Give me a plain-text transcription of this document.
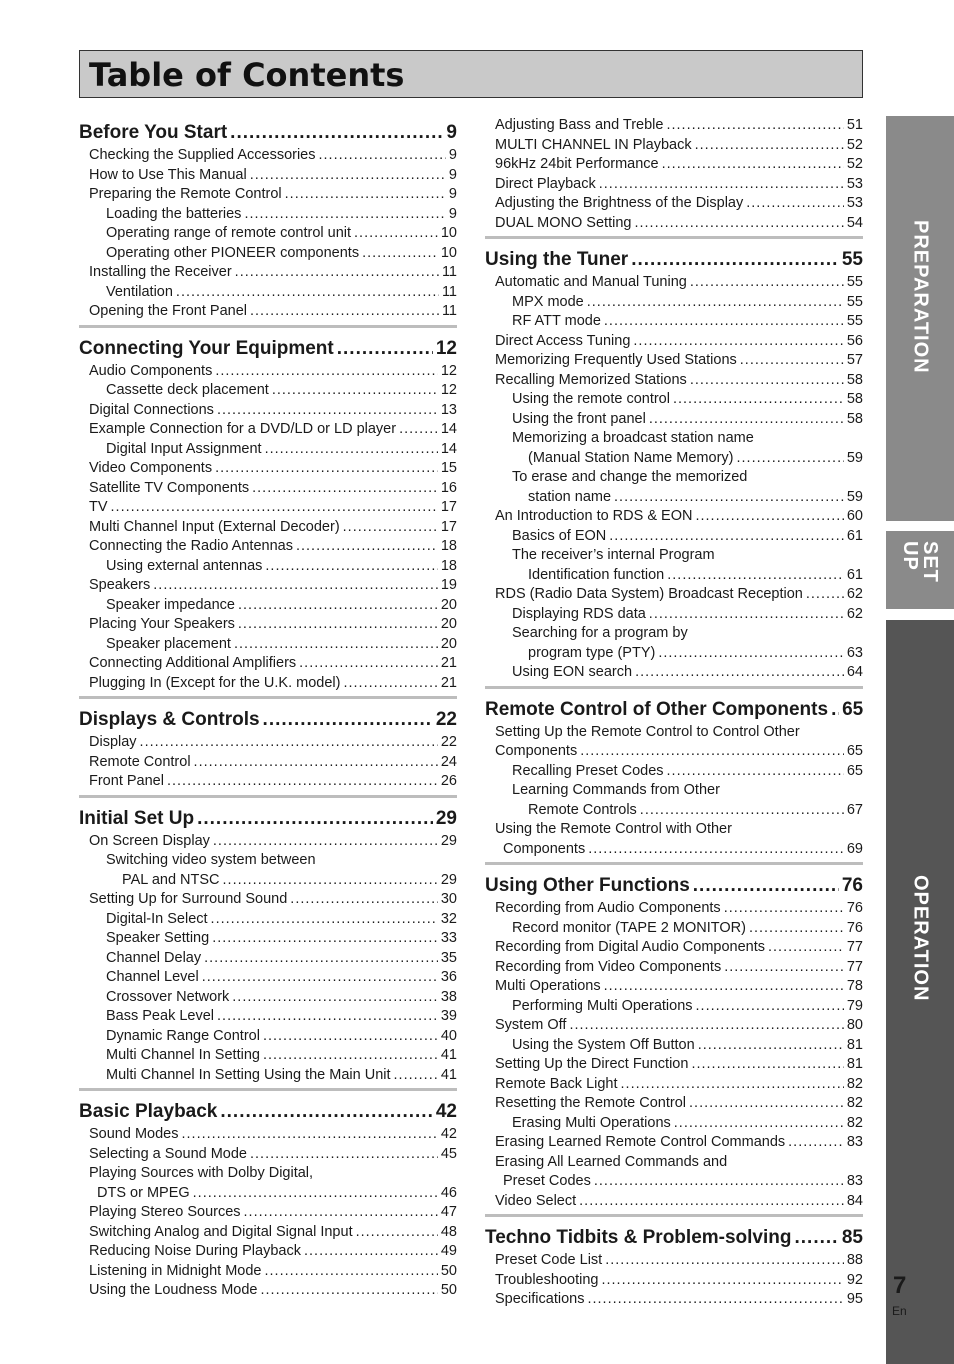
Table of Contents
Before You Start .....	9
Checking the Supplied Accessories .....	9
How to Use This Manual .....	9
Preparing the Remote Control .....	9
Loading the batteries .....	9
Operating range of remote control unit .....	10
Operating other PIONEER components .....	10
Installing the Receiver .....	11
Ventilation .....	11
Opening the Front Panel .....	11
Connecting Your Equipment .....	12
Audio Components .....	12
Cassette deck placement .....	12
Digital Connections .....	13
Example Connection for a DVD/LD or LD player .....	14
Digital Input Assignment .....	14
Video Components .....	15
Satellite TV Components .....	16
TV .....	17
Multi Channel Input (External Decoder) .....	17
Connecting the Radio Antennas .....	18
Using external antennas .....	18
Speakers .....	19
Speaker impedance .....	20
Placing Your Speakers .....	20
Speaker placement .....	20
Connecting Additional Amplifiers .....	21
Plugging In (Except for the U.K. model) .....	21
Displays & Controls .....	22
Display .....	22
Remote Control .....	24
Front Panel .....	26
Initial Set Up .....	29
On Screen Display .....	29
Switching video system between
PAL and NTSC .....	29
Setting Up for Surround Sound .....	30
Digital-In Select .....	32
Speaker Setting .....	33
Channel Delay .....	35
Channel Level .....	36
Crossover Network .....	38
Bass Peak Level .....	39
Dynamic Range Control .....	40
Multi Channel In Setting .....	41
Multi Channel In Setting Using the Main Unit .....	41
Basic Playback .....	42
Sound Modes .....	42
Selecting a Sound Mode .....	45
Playing Sources with Dolby Digital,
DTS or MPEG .....	46
Playing Stereo Sources .....	47
Switching Analog and Digital Signal Input .....	48
Reducing Noise During Playback .....	49
Listening in Midnight Mode .....	50
Using the Loudness Mode .....	50
Adjusting Bass and Treble .....	51
MULTI CHANNEL IN Playback .....	52
96kHz 24bit Performance .....	52
Direct Playback .....	53
Adjusting the Brightness of the Display .....	53
DUAL MONO Setting .....	54
Using the Tuner .....	55
Automatic and Manual Tuning .....	55
MPX mode .....	55
RF ATT mode .....	55
Direct Access Tuning .....	56
Memorizing Frequently Used Stations .....	57
Recalling Memorized Stations .....	58
Using the remote control .....	58
Using the front panel .....	58
Memorizing a broadcast station name
(Manual Station Name Memory) .....	59
To erase and change the memorized
station name .....	59
An Introduction to RDS & EON .....	60
Basics of EON .....	61
The receiver’s internal Program
Identification function .....	61
RDS (Radio Data System) Broadcast Reception .....	62
Displaying RDS data .....	62
Searching for a program by
program type (PTY) .....	63
Using EON search .....	64
Remote Control of Other Components ..... 65
Setting Up the Remote Control to Control Other
Components .....	65
Recalling Preset Codes .....	65
Learning Commands from Other
Remote Controls .....	67
Using the Remote Control with Other
Components .....	69
Using Other Functions .....	76
Recording from Audio Components .....	76
Record monitor (TAPE 2 MONITOR) .....	76
Recording from Digital Audio Components .....	77
Recording from Video Components .....	77
Multi Operations .....	78
Performing Multi Operations .....	79
System Off .....	80
Using the System Off Button .....	81
Setting Up the Direct Function .....	81
Remote Back Light .....	82
Resetting the Remote Control .....	82
Erasing Multi Operations .....	82
Erasing Learned Remote Control Commands .....	83
Erasing All Learned Commands and
Preset Codes .....	83
Video Select .....	84
Techno Tidbits & Problem-solving .....	85
Preset Code List .....	88
Troubleshooting .....	92
Specifications .....	95
PREPARATION
SET UP
OPERATION
7
En
